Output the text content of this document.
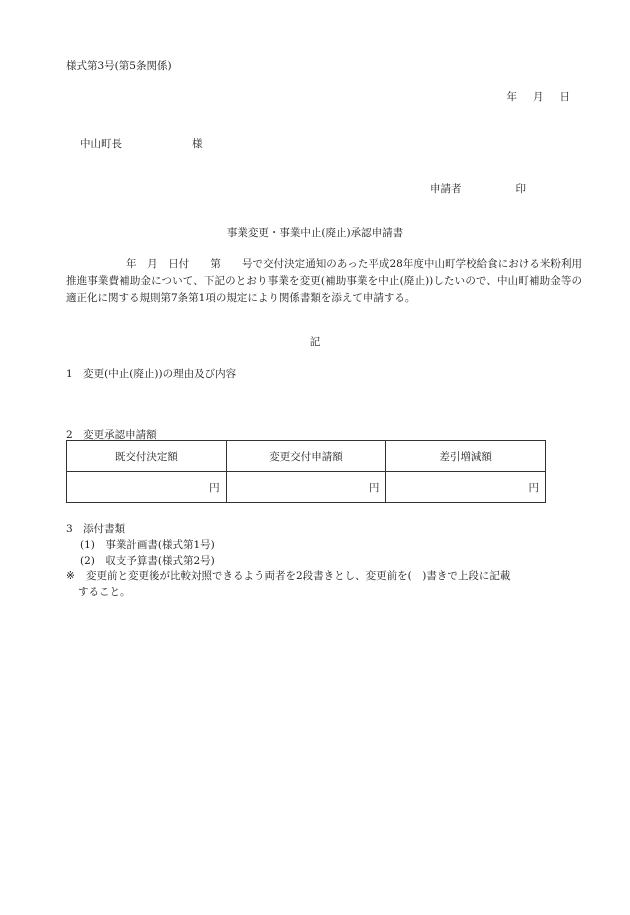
様式第3号(第5条関係)
年 月 日
中山町長	様
申請者	印
事業変更・事業中止(廃止)承認申請書
年　月　日付　　第　　号で交付決定通知のあった平成28年度中山町学校給食における米粉利用推進事業費補助金について、下記のとおり事業を変更(補助事業を中止(廃止))したいので、中山町補助金等の適正化に関する規則第7条第1項の規定により関係書類を添えて申請する。
記
1　変更(中止(廃止))の理由及び内容
2　変更承認申請額
既交付決定額	変更交付申請額	差引増減額
円	円	円
3　添付書類
(1)　事業計画書(様式第1号)
(2)　収支予算書(様式第2号)
※ 変更前と変更後が比較対照できるよう両者を2段書きとし、変更前を(　)書きで上段に記載
すること。
